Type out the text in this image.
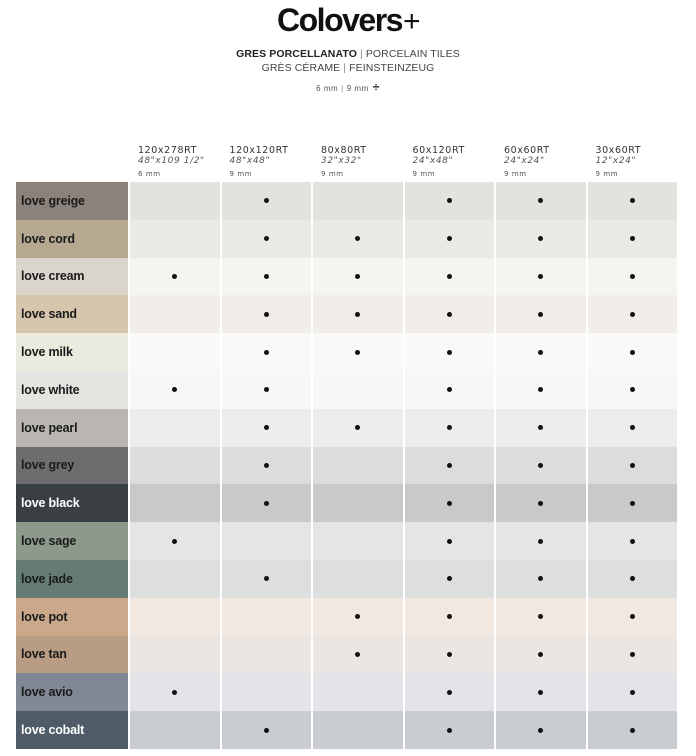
Colovers+
GRES PORCELLANATO | PORCELAIN TILES
GRÈS CÉRAME | FEINSTEINZEUG
6 mm | 9 mm ÷
120x278RT
48"x109 1/2"
6 mm
120x120RT
48"x48"
9 mm
80x80RT
32"x32"
9 mm
60x120RT
24"x48"
9 mm
60x60RT
24"x24"
9 mm
30x60RT
12"x24"
9 mm
love greige
love cord
love cream
love sand
love milk
love white
love pearl
love grey
love black
love sage
love jade
love pot
love tan
love avio
love cobalt
